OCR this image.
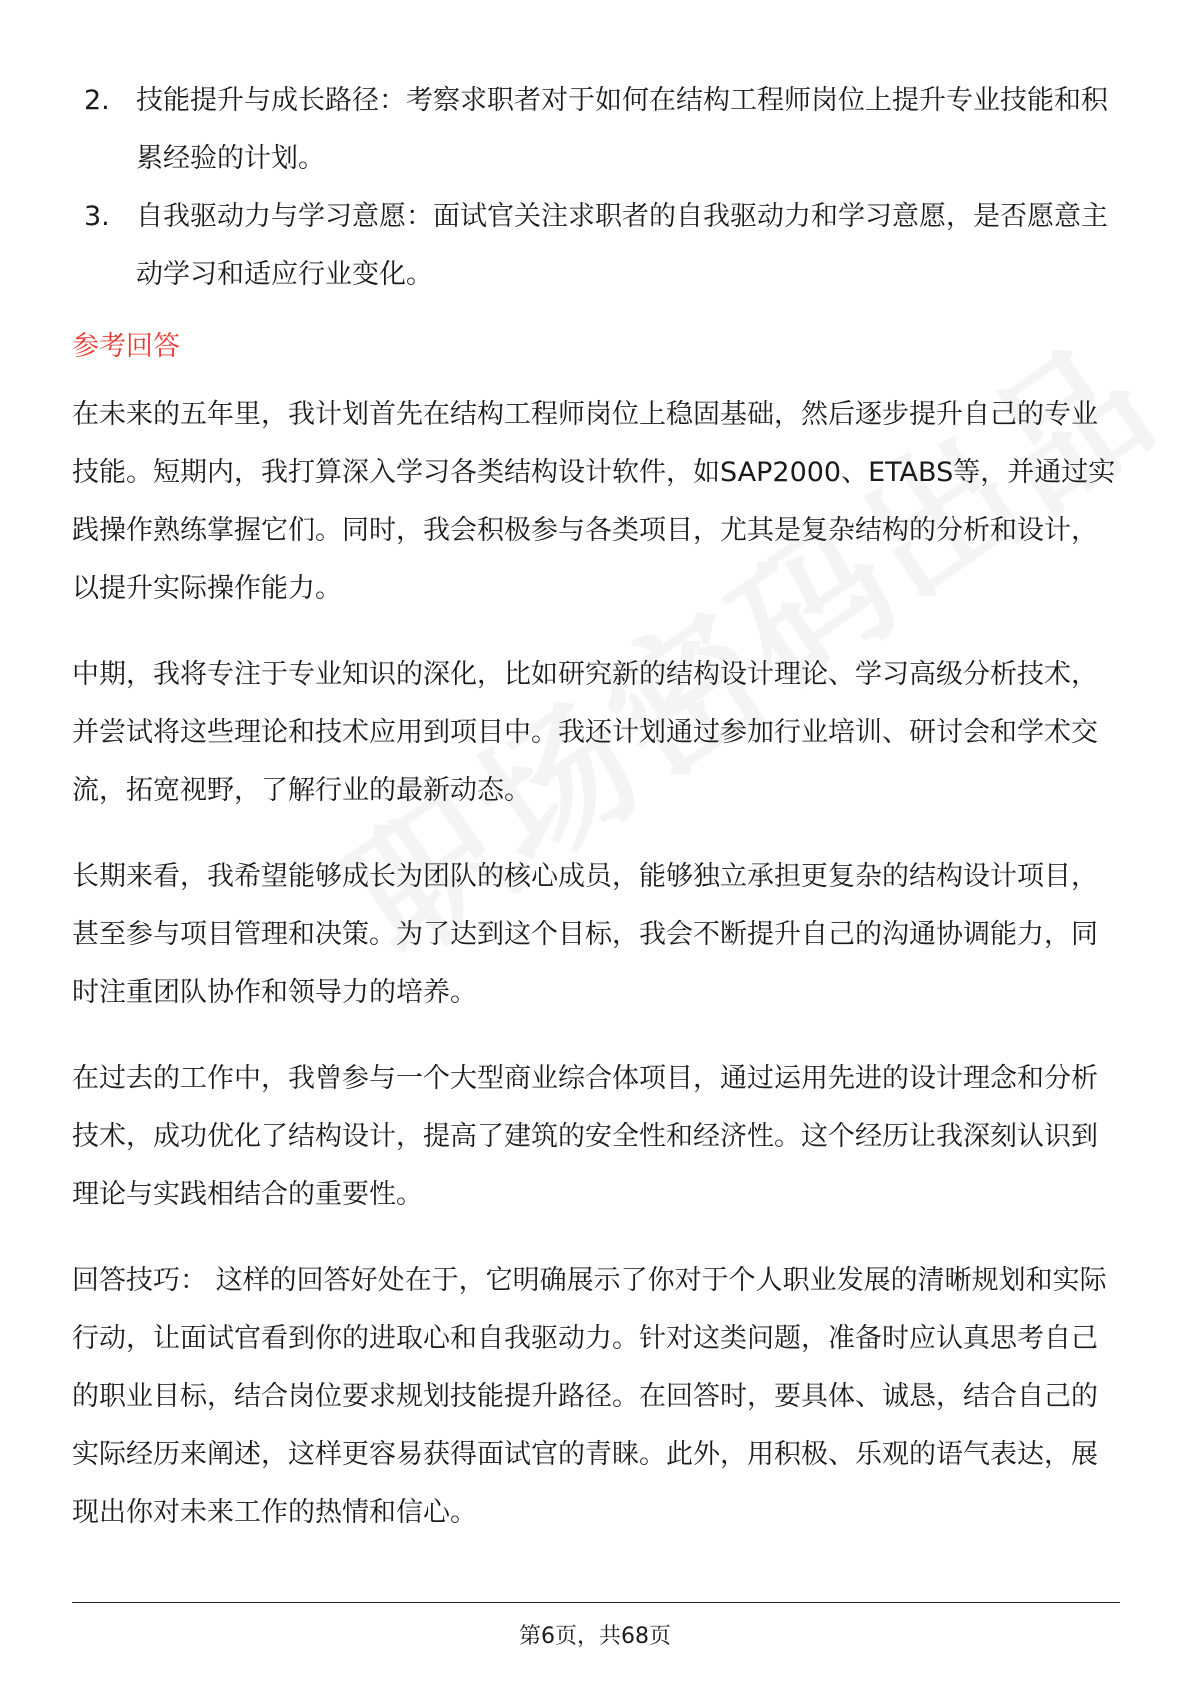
2. 技能提升与成长路径：考察求职者对于如何在结构工程师岗位上提升专业技能和积累经验的计划。
3. 自我驱动力与学习意愿：面试官关注求职者的自我驱动力和学习意愿，是否愿意主动学习和适应行业变化。
参考回答

在未来的五年里，我计划首先在结构工程师岗位上稳固基础，然后逐步提升自己的专业技能。短期内，我打算深入学习各类结构设计软件，如SAP2000、ETABS等，并通过实践操作熟练掌握它们。同时，我会积极参与各类项目，尤其是复杂结构的分析和设计，以提升实际操作能力。

中期，我将专注于专业知识的深化，比如研究新的结构设计理论、学习高级分析技术，并尝试将这些理论和技术应用到项目中。我还计划通过参加行业培训、研讨会和学术交流，拓宽视野，了解行业的最新动态。

长期来看，我希望能够成长为团队的核心成员，能够独立承担更复杂的结构设计项目，甚至参与项目管理和决策。为了达到这个目标，我会不断提升自己的沟通协调能力，同时注重团队协作和领导力的培养。

在过去的工作中，我曾参与一个大型商业综合体项目，通过运用先进的设计理念和分析技术，成功优化了结构设计，提高了建筑的安全性和经济性。这个经历让我深刻认识到理论与实践相结合的重要性。

回答技巧： 这样的回答好处在于，它明确展示了你对于个人职业发展的清晰规划和实际行动，让面试官看到你的进取心和自我驱动力。针对这类问题，准备时应认真思考自己的职业目标，结合岗位要求规划技能提升路径。在回答时，要具体、诚恳，结合自己的实际经历来阐述，这样更容易获得面试官的青睐。此外，用积极、乐观的语气表达，展现出你对未来工作的热情和信心。

第6页，共68页
